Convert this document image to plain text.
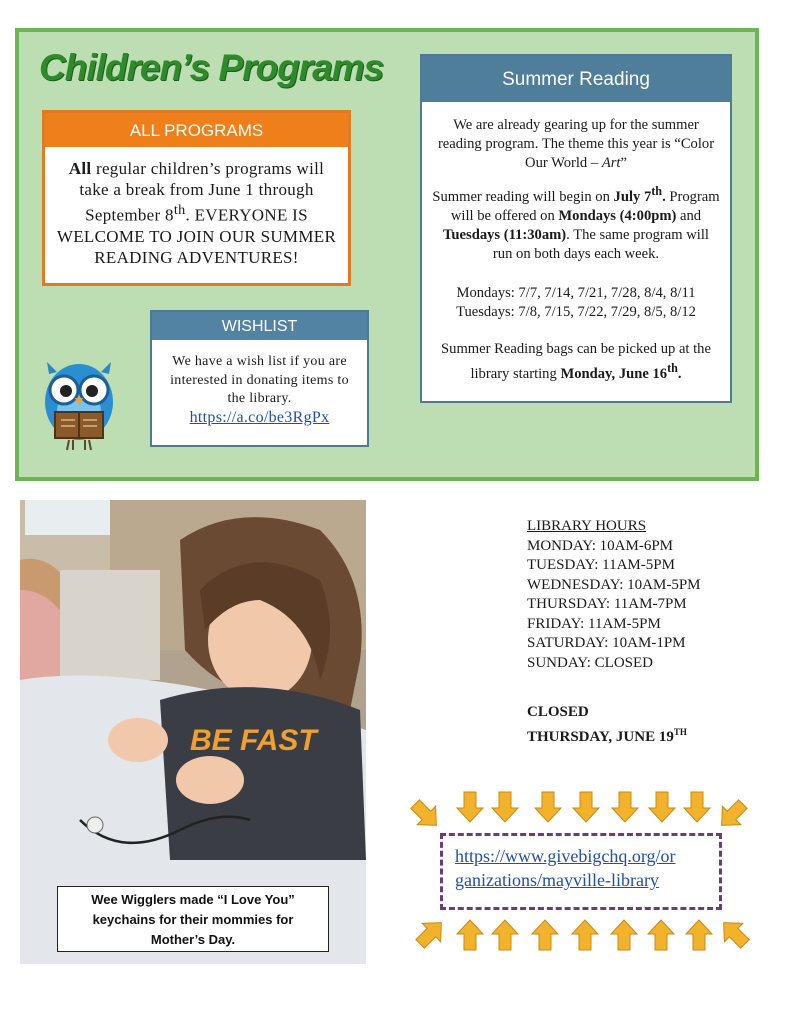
Children’s Programs
ALL PROGRAMS
All regular children’s programs will take a break from June 1 through September 8th. EVERYONE IS WELCOME TO JOIN OUR SUMMER READING ADVENTURES!
Summer Reading

We are already gearing up for the summer reading program. The theme this year is “Color Our World – Art”

Summer reading will begin on July 7th. Program will be offered on Mondays (4:00pm) and Tuesdays (11:30am). The same program will run on both days each week.

Mondays: 7/7, 7/14, 7/21, 7/28, 8/4, 8/11

Tuesdays: 7/8, 7/15, 7/22, 7/29, 8/5, 8/12

Summer Reading bags can be picked up at the library starting Monday, June 16th.

WISHLIST
We have a wish list if you are interested in donating items to the library.
https://a.co/be3RgPx
BE FAST
Wee Wigglers made “I Love You”
keychains for their mommies for
Mother’s Day.
LIBRARY HOURS
MONDAY: 10AM-6PM
TUESDAY: 11AM-5PM
WEDNESDAY: 10AM-5PM
THURSDAY: 11AM-7PM
FRIDAY: 11AM-5PM
SATURDAY: 10AM-1PM
SUNDAY: CLOSED
CLOSED
THURSDAY, JUNE 19TH
https://www.givebigchq.org/or
ganizations/mayville-library
